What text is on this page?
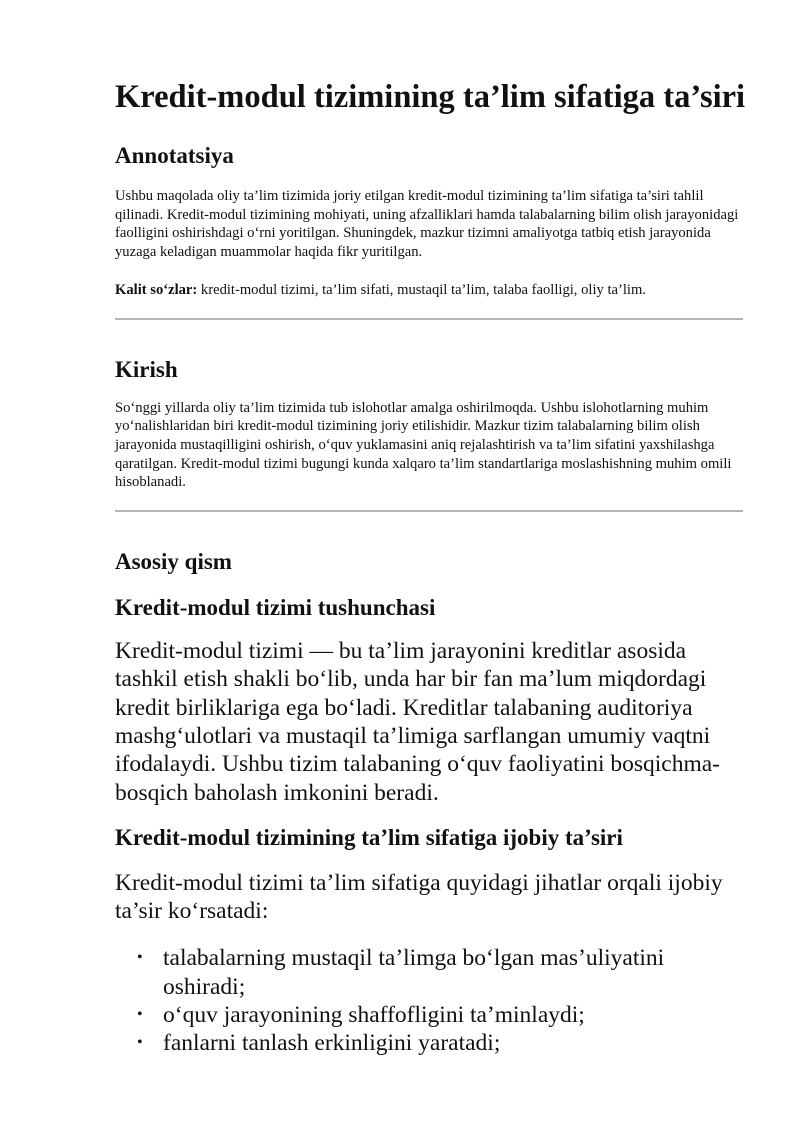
Kredit-modul tizimining ta’lim sifatiga ta’siri
Annotatsiya

Ushbu maqolada oliy ta’lim tizimida joriy etilgan kredit-modul tizimining ta’lim sifatiga ta’siri tahlil qilinadi. Kredit-modul tizimining mohiyati, uning afzalliklari hamda talabalarning bilim olish jarayonidagi faolligini oshirishdagi o‘rni yoritilgan. Shuningdek, mazkur tizimni amaliyotga tatbiq etish jarayonida yuzaga keladigan muammolar haqida fikr yuritilgan.

Kalit so‘zlar: kredit-modul tizimi, ta’lim sifati, mustaqil ta’lim, talaba faolligi, oliy ta’lim.

Kirish

So‘nggi yillarda oliy ta’lim tizimida tub islohotlar amalga oshirilmoqda. Ushbu islohotlarning muhim yo‘nalishlaridan biri kredit-modul tizimining joriy etilishidir. Mazkur tizim talabalarning bilim olish jarayonida mustaqilligini oshirish, o‘quv yuklamasini aniq rejalashtirish va ta’lim sifatini yaxshilashga qaratilgan. Kredit-modul tizimi bugungi kunda xalqaro ta’lim standartlariga moslashishning muhim omili hisoblanadi.

Asosiy qism
Kredit-modul tizimi tushunchasi

Kredit-modul tizimi — bu ta’lim jarayonini kreditlar asosida tashkil etish shakli bo‘lib, unda har bir fan ma’lum miqdordagi kredit birliklariga ega bo‘ladi. Kreditlar talabaning auditoriya mashg‘ulotlari va mustaqil ta’limiga sarflangan umumiy vaqtni ifodalaydi. Ushbu tizim talabaning o‘quv faoliyatini bosqichma-bosqich baholash imkonini beradi.

Kredit-modul tizimining ta’lim sifatiga ijobiy ta’siri

Kredit-modul tizimi ta’lim sifatiga quyidagi jihatlar orqali ijobiy ta’sir ko‘rsatadi:

• talabalarning mustaqil ta’limga bo‘lgan mas’uliyatini oshiradi;
• o‘quv jarayonining shaffofligini ta’minlaydi;
• fanlarni tanlash erkinligini yaratadi;
